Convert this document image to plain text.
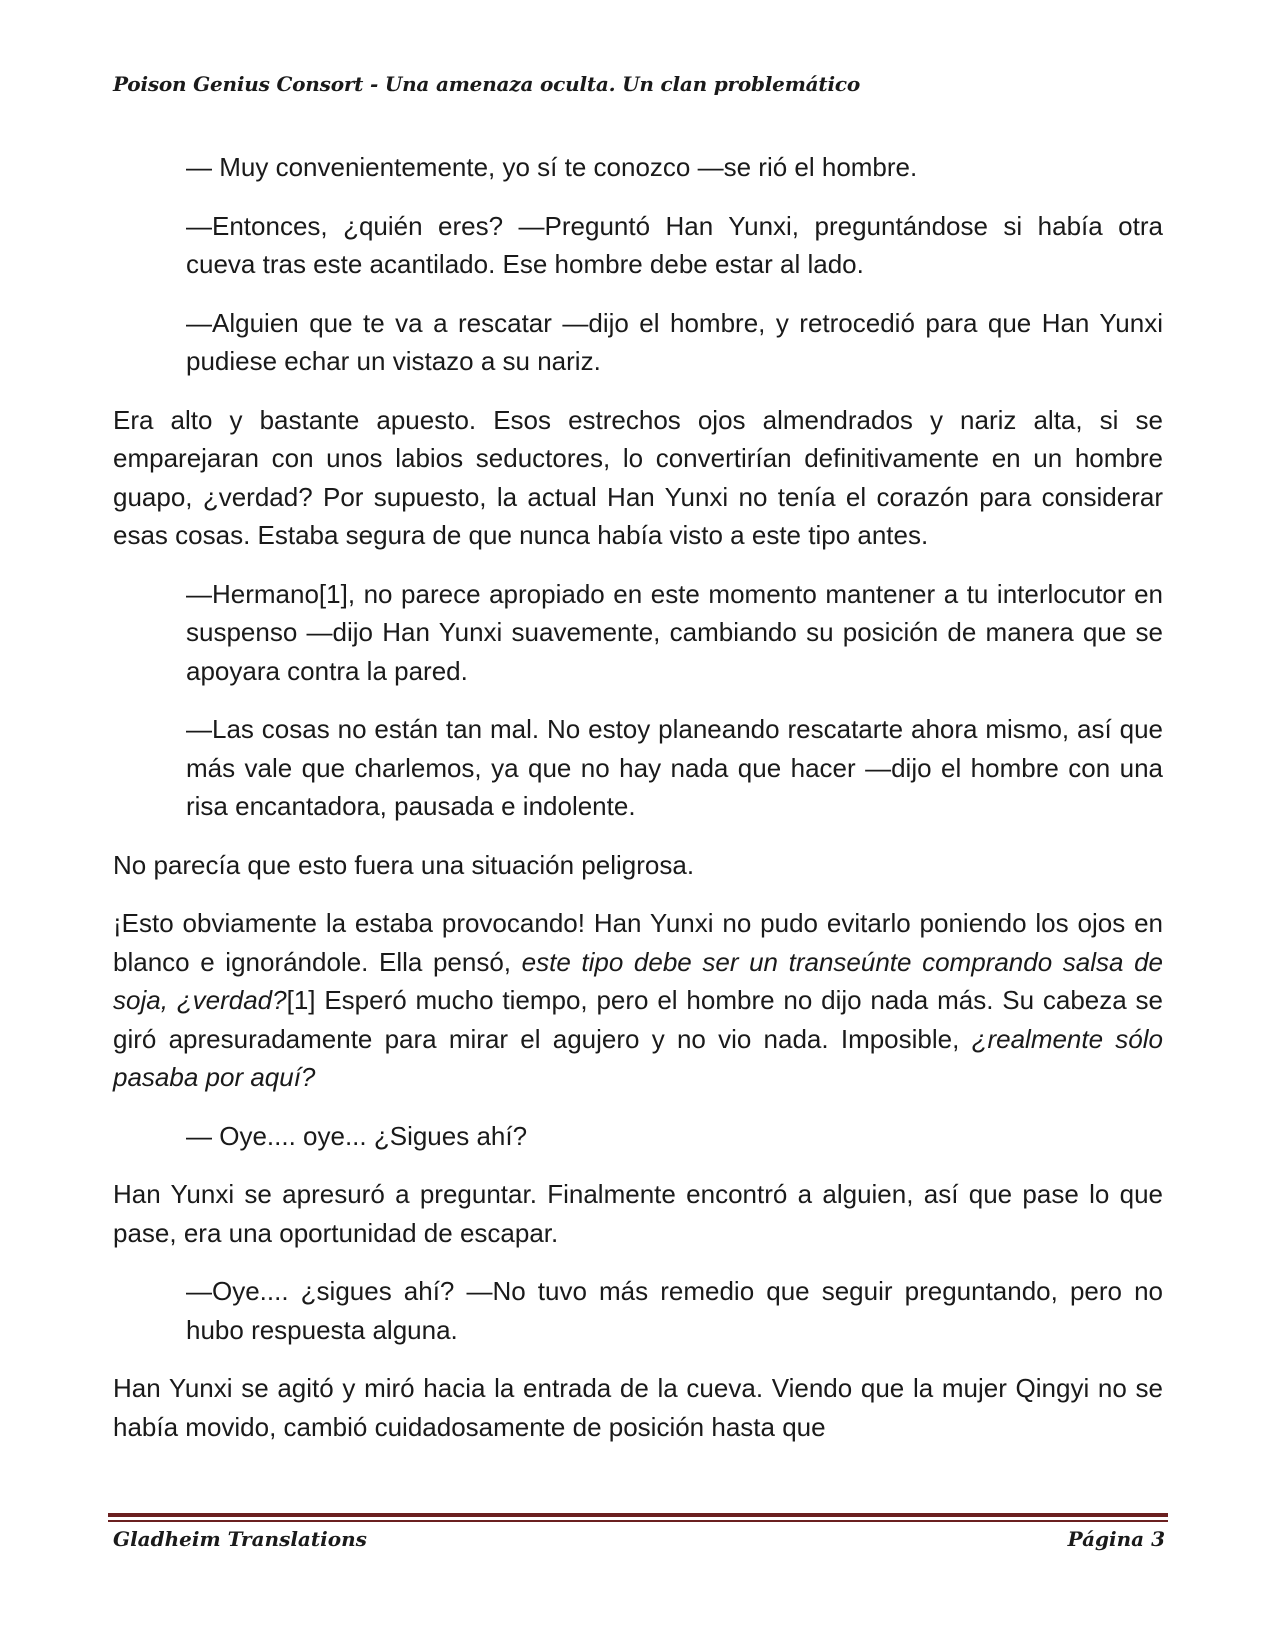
Poison Genius Consort - Una amenaza oculta. Un clan problemático

— Muy convenientemente, yo sí te conozco —se rió el hombre.

—Entonces, ¿quién eres? —Preguntó Han Yunxi, preguntándose si había otra cueva tras este acantilado. Ese hombre debe estar al lado.

—Alguien que te va a rescatar —dijo el hombre, y retrocedió para que Han Yunxi pudiese echar un vistazo a su nariz.

Era alto y bastante apuesto. Esos estrechos ojos almendrados y nariz alta, si se emparejaran con unos labios seductores, lo convertirían definitivamente en un hombre guapo, ¿verdad? Por supuesto, la actual Han Yunxi no tenía el corazón para considerar esas cosas. Estaba segura de que nunca había visto a este tipo antes.

—Hermano[1], no parece apropiado en este momento mantener a tu interlocutor en suspenso —dijo Han Yunxi suavemente, cambiando su posición de manera que se apoyara contra la pared.

—Las cosas no están tan mal. No estoy planeando rescatarte ahora mismo, así que más vale que charlemos, ya que no hay nada que hacer —dijo el hombre con una risa encantadora, pausada e indolente.

No parecía que esto fuera una situación peligrosa.

¡Esto obviamente la estaba provocando! Han Yunxi no pudo evitarlo poniendo los ojos en blanco e ignorándole. Ella pensó, este tipo debe ser un transeúnte comprando salsa de soja, ¿verdad?[1] Esperó mucho tiempo, pero el hombre no dijo nada más. Su cabeza se giró apresuradamente para mirar el agujero y no vio nada. Imposible, ¿realmente sólo pasaba por aquí?

— Oye.... oye... ¿Sigues ahí?

Han Yunxi se apresuró a preguntar. Finalmente encontró a alguien, así que pase lo que pase, era una oportunidad de escapar.

—Oye.... ¿sigues ahí? —No tuvo más remedio que seguir preguntando, pero no hubo respuesta alguna.

Han Yunxi se agitó y miró hacia la entrada de la cueva. Viendo que la mujer Qingyi no se había movido, cambió cuidadosamente de posición hasta que

Gladheim Translations	Página 3
